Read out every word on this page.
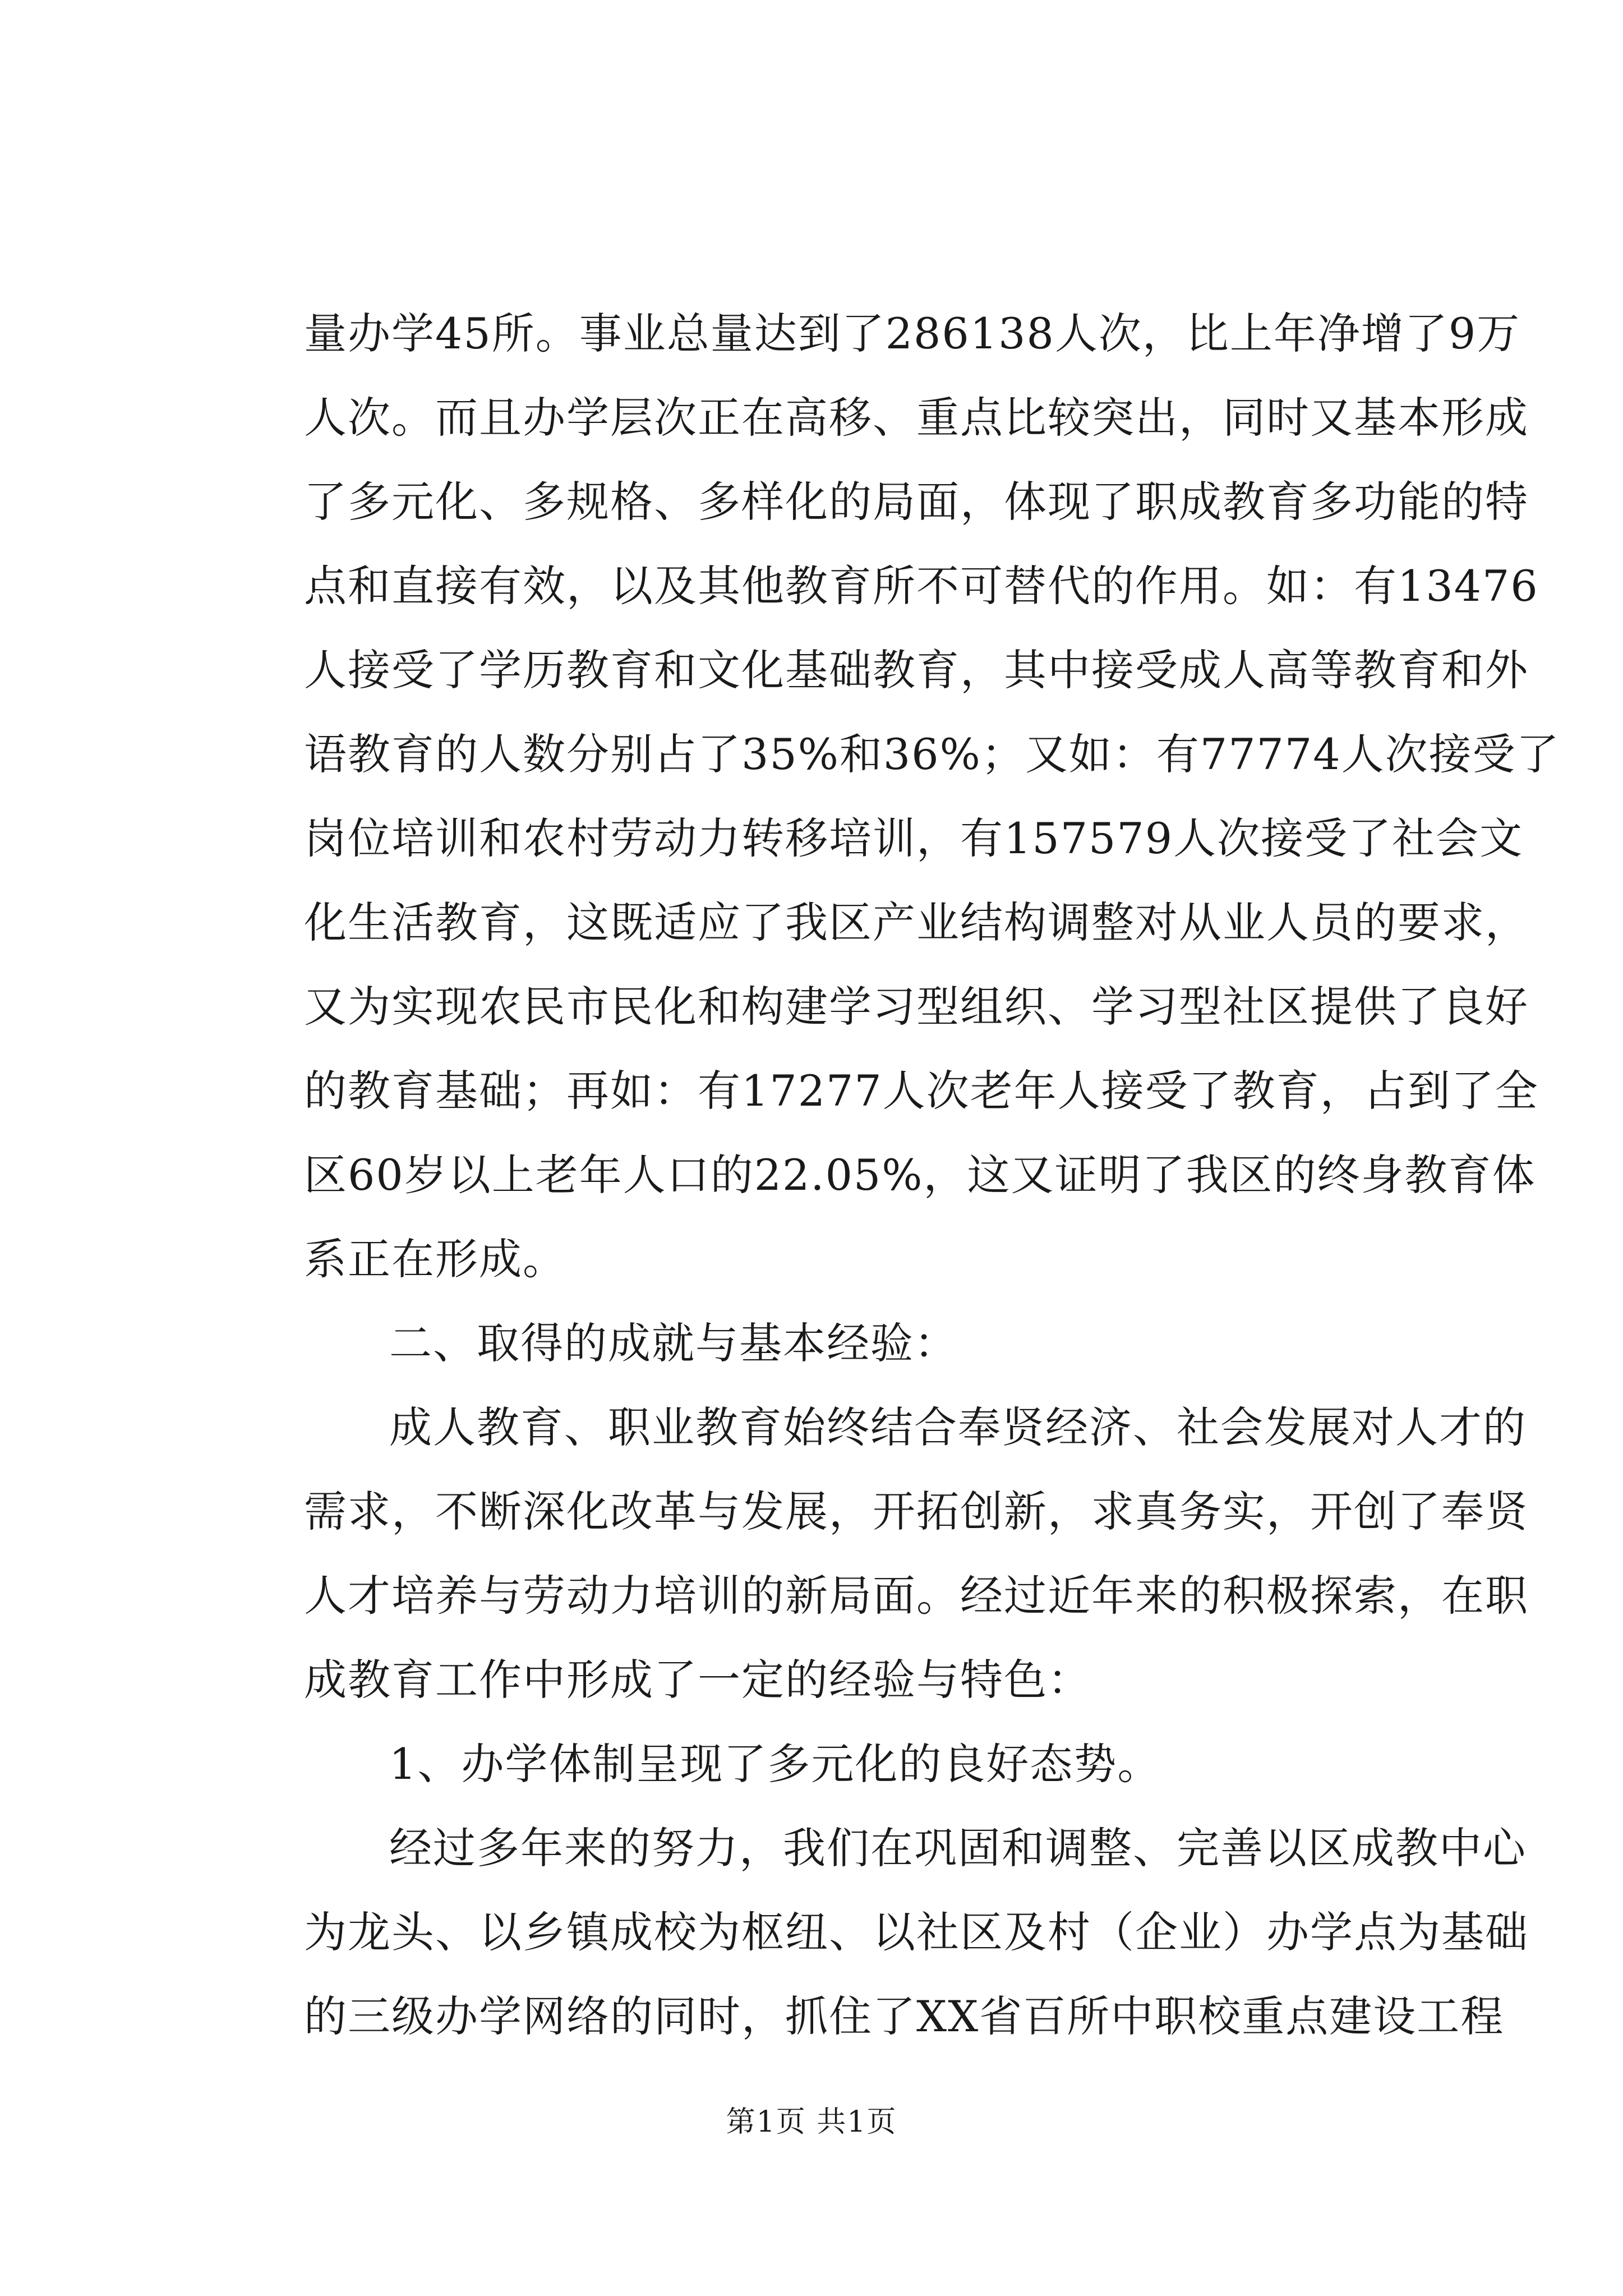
量办学45所。事业总量达到了286138人次，比上年净增了9万
人次。而且办学层次正在高移、重点比较突出，同时又基本形成
了多元化、多规格、多样化的局面，体现了职成教育多功能的特
点和直接有效，以及其他教育所不可替代的作用。如：有13476
人接受了学历教育和文化基础教育，其中接受成人高等教育和外
语教育的人数分别占了35%和36%；又如：有77774人次接受了
岗位培训和农村劳动力转移培训，有157579人次接受了社会文
化生活教育，这既适应了我区产业结构调整对从业人员的要求，
又为实现农民市民化和构建学习型组织、学习型社区提供了良好
的教育基础；再如：有17277人次老年人接受了教育，占到了全
区60岁以上老年人口的22.05%，这又证明了我区的终身教育体
系正在形成。
二、取得的成就与基本经验：
成人教育、职业教育始终结合奉贤经济、社会发展对人才的
需求，不断深化改革与发展，开拓创新，求真务实，开创了奉贤
人才培养与劳动力培训的新局面。经过近年来的积极探索，在职
成教育工作中形成了一定的经验与特色：
1、办学体制呈现了多元化的良好态势。
经过多年来的努力，我们在巩固和调整、完善以区成教中心
为龙头、以乡镇成校为枢纽、以社区及村（企业）办学点为基础
的三级办学网络的同时，抓住了XX省百所中职校重点建设工程
第1页 共1页
